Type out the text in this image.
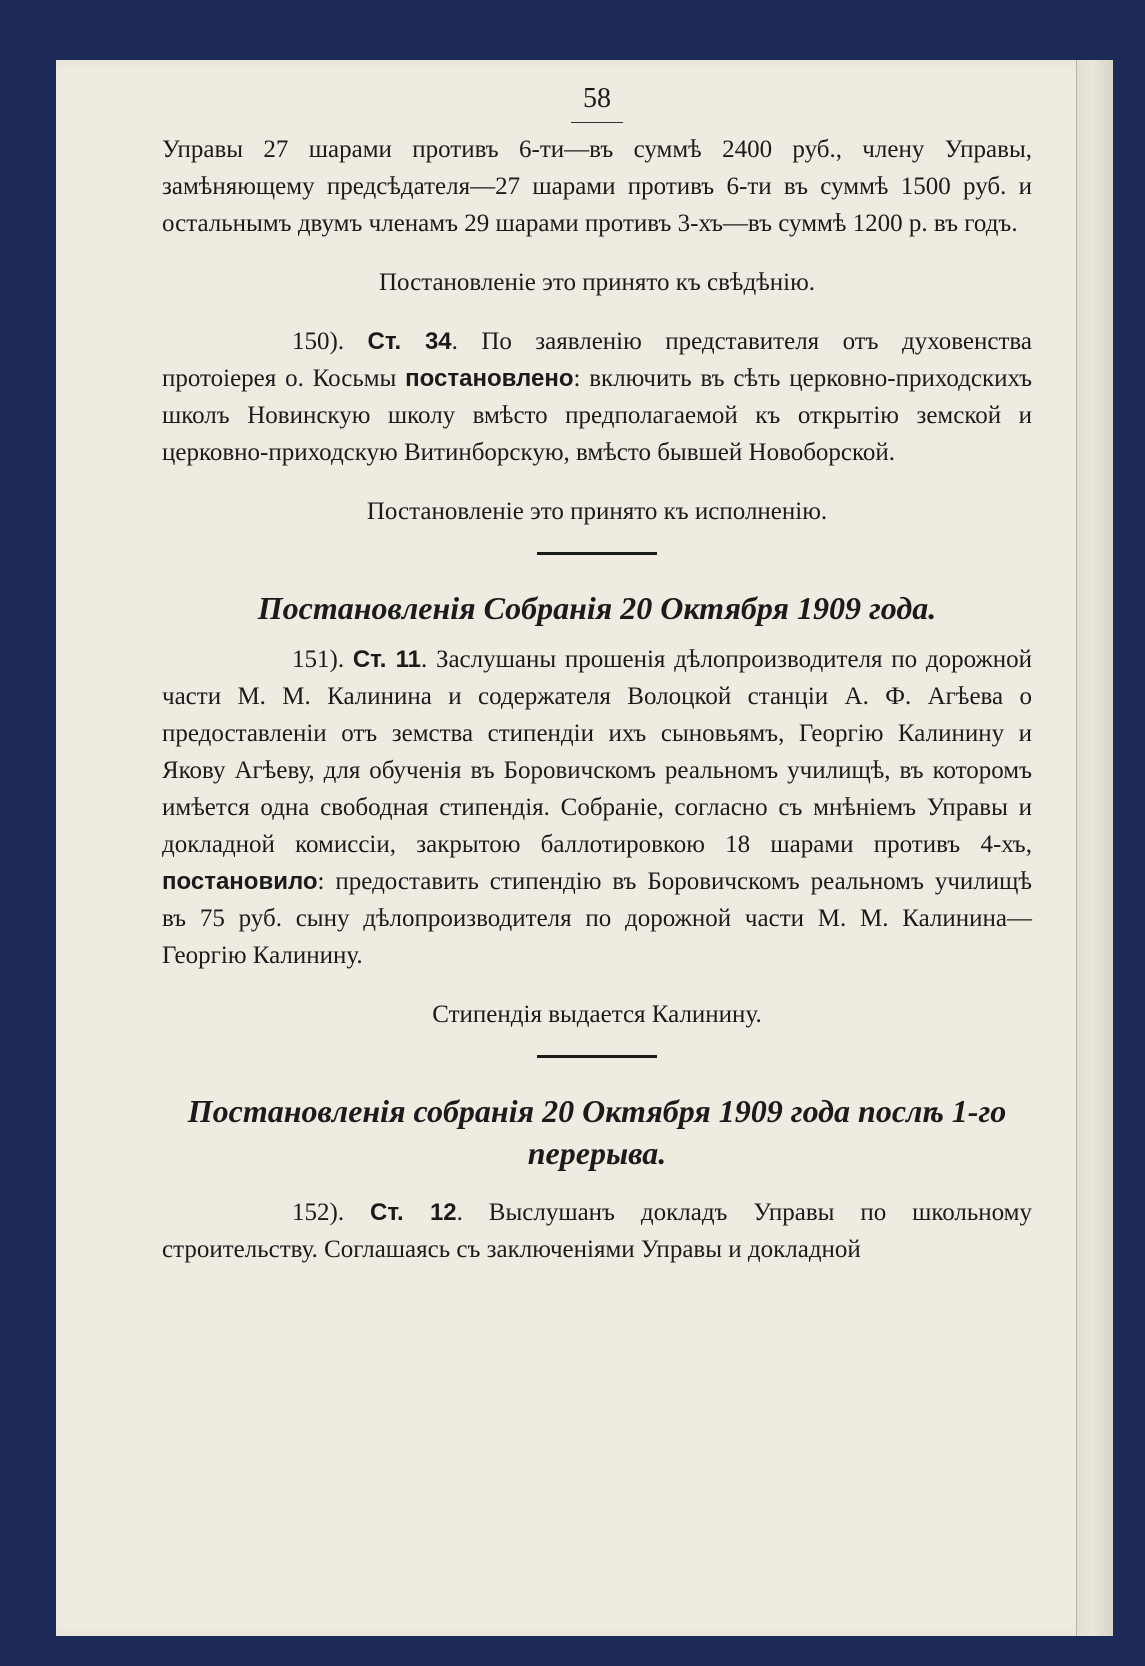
58

Управы 27 шарами противъ 6-ти—въ суммѣ 2400 руб., члену Управы, замѣняющему предсѣдателя—27 шарами противъ 6-ти въ суммѣ 1500 руб. и остальнымъ двумъ членамъ 29 шарами противъ 3-хъ—въ суммѣ 1200 р. въ годъ.

Постановленіе это принято къ свѣдѣнію.

150). Ст. 34. По заявленію представителя отъ духовенства протоіерея о. Косьмы постановлено: включить въ сѣть церковно-приходскихъ школъ Новинскую школу вмѣсто предполагаемой къ открытію земской и церковно-приходскую Витинборскую, вмѣсто бывшей Новоборской.

Постановленіе это принято къ исполненію.

Постановленія Собранія 20 Октября 1909 года.

151). Ст. 11. Заслушаны прошенія дѣлопроизводителя по дорожной части М. М. Калинина и содержателя Волоцкой станціи А. Ф. Агѣева о предоставленіи отъ земства стипендіи ихъ сыновьямъ, Георгію Калинину и Якову Агѣеву, для обученія въ Боровичскомъ реальномъ училищѣ, въ которомъ имѣется одна свободная стипендія. Собраніе, согласно съ мнѣніемъ Управы и докладной комиссіи, закрытою баллотировкою 18 шарами противъ 4-хъ, постановило: предоставить стипендію въ Боровичскомъ реальномъ училищѣ въ 75 руб. сыну дѣлопроизводителя по дорожной части М. М. Калинина—Георгію Калинину.

Стипендія выдается Калинину.

Постановленія собранія 20 Октября 1909 года послѣ 1-го перерыва.

152). Ст. 12. Выслушанъ докладъ Управы по школьному строительству. Соглашаясь съ заключеніями Управы и докладной
